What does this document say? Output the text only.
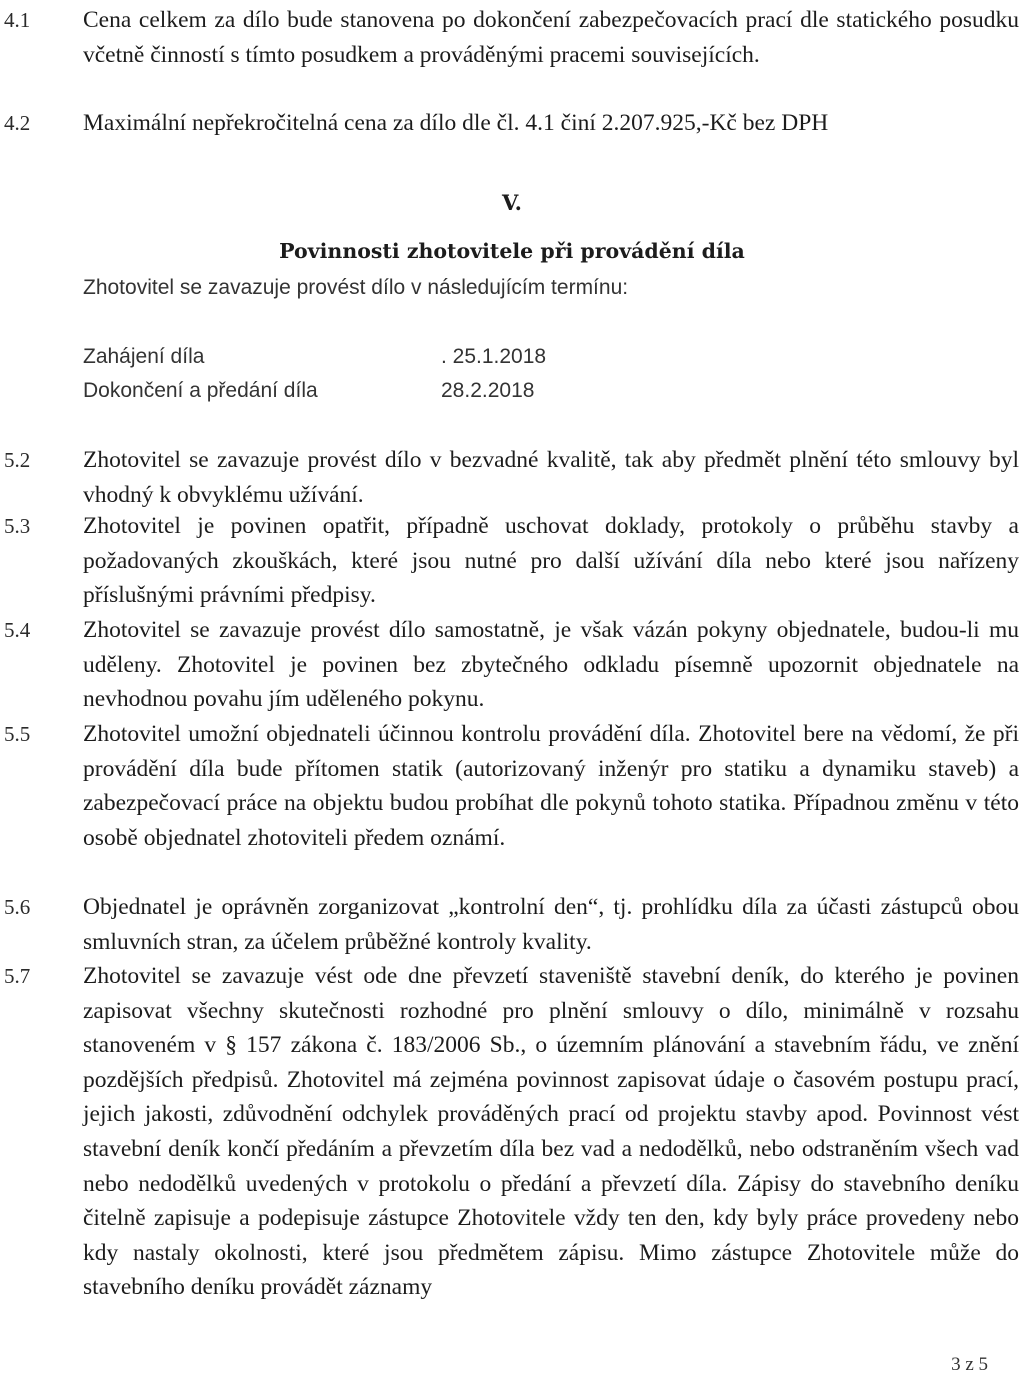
4.1	Cena celkem za dílo bude stanovena po dokončení zabezpečovacích prací dle statického posudku včetně činností s tímto posudkem a prováděnými pracemi souvisejících.
4.2	Maximální nepřekročitelná cena za dílo dle čl. 4.1 činí 2.207.925,-Kč bez DPH
V.
Povinnosti zhotovitele při provádění díla
Zhotovitel se zavazuje provést dílo v následujícím termínu:
Zahájení díla	. 25.1.2018
Dokončení a předání díla	28.2.2018
5.2	Zhotovitel se zavazuje provést dílo v bezvadné kvalitě, tak aby předmět plnění této smlouvy byl vhodný k obvyklému užívání.
5.3	Zhotovitel je povinen opatřit, případně uschovat doklady, protokoly o průběhu stavby a požadovaných zkouškách, které jsou nutné pro další užívání díla nebo které jsou nařízeny příslušnými právními předpisy.
5.4	Zhotovitel se zavazuje provést dílo samostatně, je však vázán pokyny objednatele, budou-li mu uděleny. Zhotovitel je povinen bez zbytečného odkladu písemně upozornit objednatele na nevhodnou povahu jím uděleného pokynu.
5.5	Zhotovitel umožní objednateli účinnou kontrolu provádění díla. Zhotovitel bere na vědomí, že při provádění díla bude přítomen statik (autorizovaný inženýr pro statiku a dynamiku staveb) a zabezpečovací práce na objektu budou probíhat dle pokynů tohoto statika. Případnou změnu v této osobě objednatel zhotoviteli předem oznámí.
5.6	Objednatel je oprávněn zorganizovat „kontrolní den“, tj. prohlídku díla za účasti zástupců obou smluvních stran, za účelem průběžné kontroly kvality.
5.7	Zhotovitel se zavazuje vést ode dne převzetí staveniště stavební deník, do kterého je povinen zapisovat všechny skutečnosti rozhodné pro plnění smlouvy o dílo, minimálně v rozsahu stanoveném v § 157 zákona č. 183/2006 Sb., o územním plánování a stavebním řádu, ve znění pozdějších předpisů. Zhotovitel má zejména povinnost zapisovat údaje o časovém postupu prací, jejich jakosti, zdůvodnění odchylek prováděných prací od projektu stavby apod. Povinnost vést stavební deník končí předáním a převzetím díla bez vad a nedodělků, nebo odstraněním všech vad nebo nedodělků uvedených v protokolu o předání a převzetí díla. Zápisy do stavebního deníku čitelně zapisuje a podepisuje zástupce Zhotovitele vždy ten den, kdy byly práce provedeny nebo kdy nastaly okolnosti, které jsou předmětem zápisu. Mimo zástupce Zhotovitele může do stavebního deníku provádět záznamy
3 z 5
